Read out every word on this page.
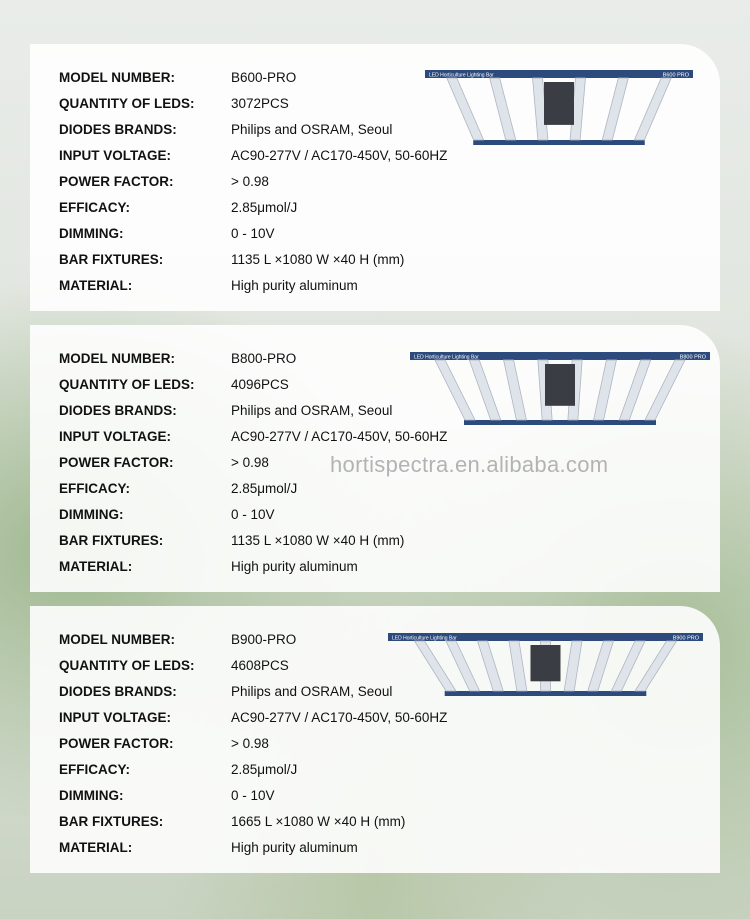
MODEL NUMBER:	B600-PRO
QUANTITY OF LEDS:	3072PCS
DIODES BRANDS:	Philips and OSRAM, Seoul
INPUT VOLTAGE:	AC90-277V / AC170-450V, 50-60HZ
POWER FACTOR:	> 0.98
EFFICACY:	2.85μmol/J
DIMMING:	0 - 10V
BAR FIXTURES:	1135 L ×1080 W ×40 H (mm)
MATERIAL:	High purity aluminum
LED Horticulture Lighting Bar	B600 PRO
MODEL NUMBER:	B800-PRO
QUANTITY OF LEDS:	4096PCS
DIODES BRANDS:	Philips and OSRAM, Seoul
INPUT VOLTAGE:	AC90-277V / AC170-450V, 50-60HZ
POWER FACTOR:	> 0.98
EFFICACY:	2.85μmol/J
DIMMING:	0 - 10V
BAR FIXTURES:	1135 L ×1080 W ×40 H (mm)
MATERIAL:	High purity aluminum
LED Horticulture Lighting Bar	B800 PRO
MODEL NUMBER:	B900-PRO
QUANTITY OF LEDS:	4608PCS
DIODES BRANDS:	Philips and OSRAM, Seoul
INPUT VOLTAGE:	AC90-277V / AC170-450V, 50-60HZ
POWER FACTOR:	> 0.98
EFFICACY:	2.85μmol/J
DIMMING:	0 - 10V
BAR FIXTURES:	1665 L ×1080 W ×40 H (mm)
MATERIAL:	High purity aluminum
LED Horticulture Lighting Bar	B900 PRO
hortispectra.en.alibaba.com
